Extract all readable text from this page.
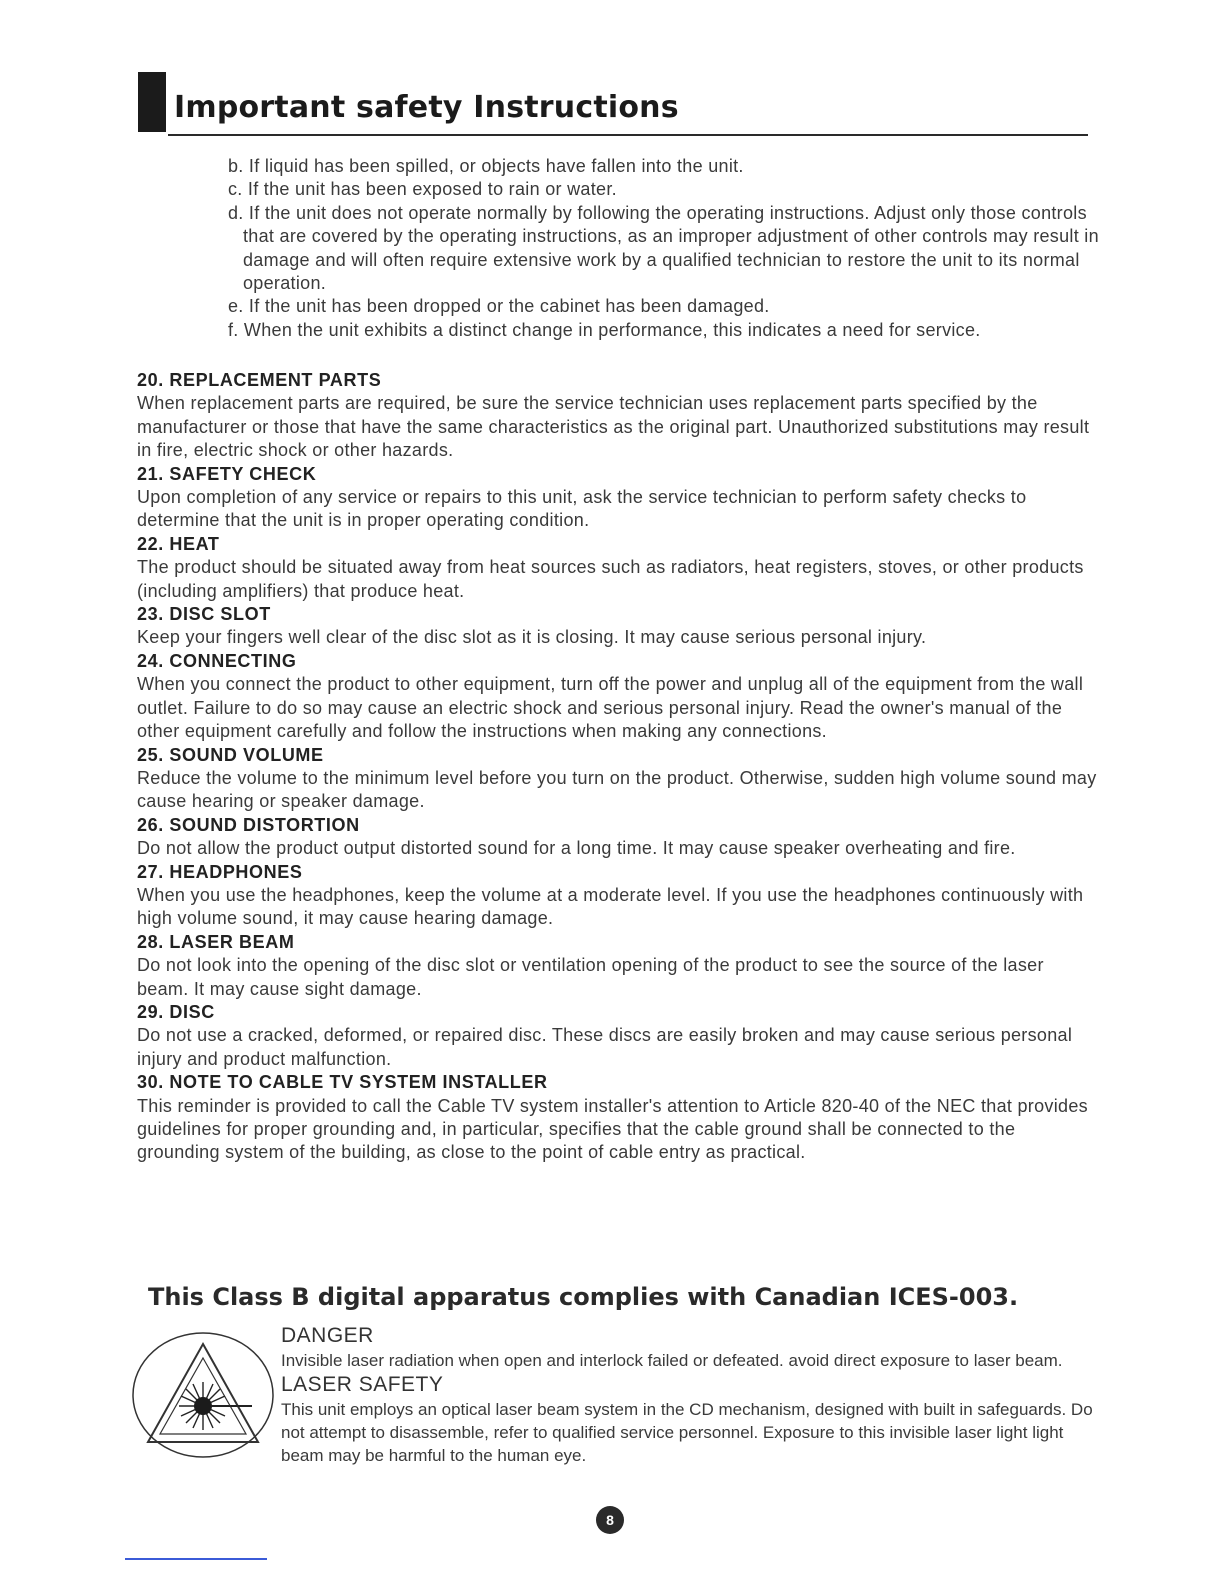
Important safety Instructions
b. If liquid has been spilled, or objects have fallen into the unit.
c. If the unit has been exposed to rain or water.
d. If the unit does not operate normally by following the operating instructions. Adjust only those controls that are covered by the operating instructions, as an improper adjustment of other controls may result in damage and will often require extensive work by a qualified technician to restore the unit to its normal operation.
e. If the unit has been dropped or the cabinet has been damaged.
f. When the unit exhibits a distinct change in performance, this indicates a need for service.
20. REPLACEMENT PARTS
When replacement parts are required, be sure the service technician uses replacement parts specified by the manufacturer or those that have the same characteristics as the original part. Unauthorized substitutions may result in fire, electric shock or other hazards.
21. SAFETY CHECK
Upon completion of any service or repairs to this unit, ask the service technician to perform safety checks to determine that the unit is in proper operating condition.
22. HEAT
The product should be situated away from heat sources such as radiators, heat registers, stoves, or other products (including amplifiers) that produce heat.
23. DISC SLOT
Keep your fingers well clear of the disc slot as it is closing. It may cause serious personal injury.
24. CONNECTING
When you connect the product to other equipment, turn off the power and unplug all of the equipment from the wall outlet. Failure to do so may cause an electric shock and serious personal injury. Read the owner's manual of the other equipment carefully and follow the instructions when making any connections.
25. SOUND VOLUME
Reduce the volume to the minimum level before you turn on the product. Otherwise, sudden high volume sound may cause hearing or speaker damage.
26. SOUND DISTORTION
Do not allow the product output distorted sound for a long time. It may cause speaker overheating and fire.
27. HEADPHONES
When you use the headphones, keep the volume at a moderate level. If you use the headphones continuously with high volume sound, it may cause hearing damage.
28. LASER BEAM
Do not look into the opening of the disc slot or ventilation opening of the product to see the source of the laser beam. It may cause sight damage.
29. DISC
Do not use a cracked, deformed, or repaired disc. These discs are easily broken and may cause serious personal injury and product malfunction.
30. NOTE TO CABLE TV SYSTEM INSTALLER
This reminder is provided to call the Cable TV system installer's attention to Article 820-40 of the NEC that provides guidelines for proper grounding and, in particular, specifies that the cable ground shall be connected to the grounding system of the building, as close to the point of cable entry as practical.
This Class B digital apparatus complies with Canadian ICES-003.
DANGER
Invisible laser radiation when open and interlock failed or defeated. avoid direct exposure to laser beam.
LASER SAFETY
This unit employs an optical laser beam system in the CD mechanism, designed with built in safeguards. Do not attempt to disassemble, refer to qualified service personnel. Exposure to this invisible laser light light beam may be harmful to the human eye.
8
